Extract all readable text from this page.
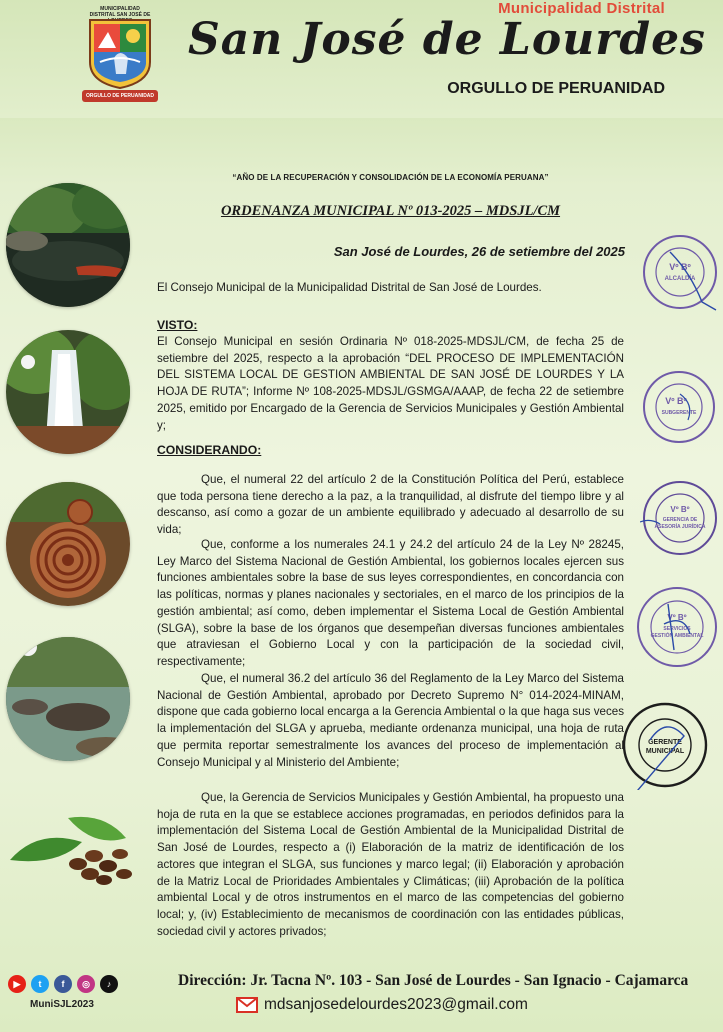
MUNICIPALIDAD DISTRITAL SAN JOSÉ DE
ORGULLO DE PERUANIDAD
Municipalidad Distrital
San José de Lourdes
ORGULLO DE PERUANIDAD
“AÑO DE LA RECUPERACIÓN Y CONSOLIDACIÓN DE LA ECONOMÍA PERUANA”
ORDENANZA MUNICIPAL Nº 013-2025 – MDSJL/CM
San José de Lourdes, 26 de setiembre del 2025
El Consejo Municipal de la Municipalidad Distrital de San José de Lourdes.
VISTO:
El Consejo Municipal en sesión Ordinaria Nº 018-2025-MDSJL/CM, de fecha 25 de setiembre del 2025, respecto a la aprobación “DEL PROCESO DE IMPLEMENTACIÓN DEL SISTEMA LOCAL DE GESTION AMBIENTAL DE SAN JOSÉ DE LOURDES Y LA HOJA DE RUTA”; Informe Nº 108-2025-MDSJL/GSMGA/AAAP, de fecha 22 de setiembre 2025, emitido por Encargado de la Gerencia de Servicios Municipales y Gestión Ambiental y;
CONSIDERANDO:
Que, el numeral 22 del artículo 2 de la Constitución Política del Perú, establece que toda persona tiene derecho a la paz, a la tranquilidad, al disfrute del tiempo libre y al descanso, así como a gozar de un ambiente equilibrado y adecuado al desarrollo de su vida;
Que, conforme a los numerales 24.1 y 24.2 del artículo 24 de la Ley Nº 28245, Ley Marco del Sistema Nacional de Gestión Ambiental, los gobiernos locales ejercen sus funciones ambientales sobre la base de sus leyes correspondientes, en concordancia con las políticas, normas y planes nacionales y sectoriales, en el marco de los principios de la gestión ambiental; así como, deben implementar el Sistema Local de Gestión Ambiental (SLGA), sobre la base de los órganos que desempeñan diversas funciones ambientales que atraviesan el Gobierno Local y con la participación de la sociedad civil, respectivamente;
Que, el numeral 36.2 del artículo 36 del Reglamento de la Ley Marco del Sistema Nacional de Gestión Ambiental, aprobado por Decreto Supremo N° 014-2024-MINAM, dispone que cada gobierno local encarga a la Gerencia Ambiental o la que haga sus veces la implementación del SLGA y aprueba, mediante ordenanza municipal, una hoja de ruta que permita reportar semestralmente los avances del proceso de implementación al Consejo Municipal y al Ministerio del Ambiente;
Que, la Gerencia de Servicios Municipales y Gestión Ambiental, ha propuesto una hoja de ruta en la que se establece acciones programadas, en periodos definidos para la implementación del Sistema Local de Gestión Ambiental de la Municipalidad Distrital de San José de Lourdes, respecto a (i) Elaboración de la matriz de identificación de los actores que integran el SLGA, sus funciones y marco legal; (ii) Elaboración y aprobación de la Matriz Local de Prioridades Ambientales y Climáticas; (iii) Aprobación de la política ambiental Local y de otros instrumentos en el marco de las competencias del gobierno local; y, (iv) Establecimiento de mecanismos de coordinación con las entidades públicas, sociedad civil y actores privados;
Vº Bº
ALCALDÍA
Vº Bº
SUBGERENTE
Vº Bº
GERENCIA DE
ASESORÍA JURÍDICA
Vº Bº
SERVICIOS
GESTIÓN AMBIENTAL
GERENTE
MUNICIPAL
▶	t	f	◎	♪
MuniSJL2023
Dirección: Jr. Tacna Nº. 103 - San José de Lourdes - San Ignacio - Cajamarca
mdsanjosedelourdes2023@gmail.com
